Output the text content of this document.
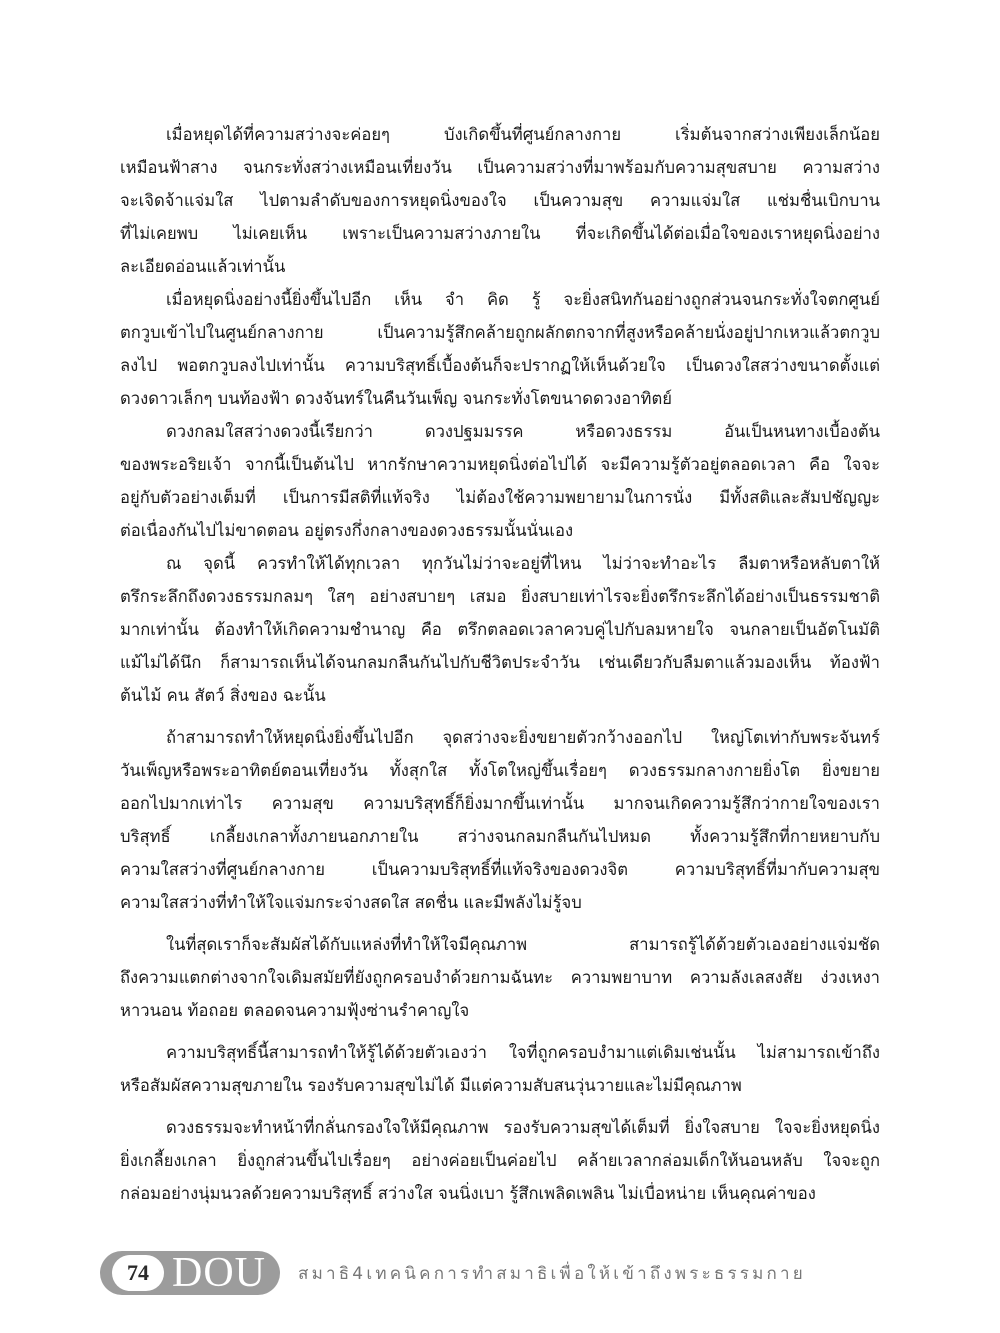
เมื่อหยุดได้ที่ความสว่างจะค่อยๆ บังเกิดขึ้นที่ศูนย์กลางกาย เริ่มต้นจากสว่างเพียงเล็กน้อย
เหมือนฟ้าสาง จนกระทั่งสว่างเหมือนเที่ยงวัน เป็นความสว่างที่มาพร้อมกับความสุขสบาย ความสว่าง
จะเจิดจ้าแจ่มใส ไปตามลำดับของการหยุดนิ่งของใจ เป็นความสุข ความแจ่มใส แช่มชื่นเบิกบาน
ที่ไม่เคยพบ ไม่เคยเห็น เพราะเป็นความสว่างภายใน ที่จะเกิดขึ้นได้ต่อเมื่อใจของเราหยุดนิ่งอย่าง
ละเอียดอ่อนแล้วเท่านั้น
เมื่อหยุดนิ่งอย่างนี้ยิ่งขึ้นไปอีก เห็น จำ คิด รู้ จะยิ่งสนิทกันอย่างถูกส่วนจนกระทั่งใจตกศูนย์
ตกวูบเข้าไปในศูนย์กลางกาย เป็นความรู้สึกคล้ายถูกผลักตกจากที่สูงหรือคล้ายนั่งอยู่ปากเหวแล้วตกวูบ
ลงไป พอตกวูบลงไปเท่านั้น ความบริสุทธิ์เบื้องต้นก็จะปรากฏให้เห็นด้วยใจ เป็นดวงใสสว่างขนาดตั้งแต่
ดวงดาวเล็กๆ บนท้องฟ้า ดวงจันทร์ในคืนวันเพ็ญ จนกระทั่งโตขนาดดวงอาทิตย์
ดวงกลมใสสว่างดวงนี้เรียกว่า ดวงปฐมมรรค หรือดวงธรรม อันเป็นหนทางเบื้องต้น
ของพระอริยเจ้า จากนี้เป็นต้นไป หากรักษาความหยุดนิ่งต่อไปได้ จะมีความรู้ตัวอยู่ตลอดเวลา คือ ใจจะ
อยู่กับตัวอย่างเต็มที่ เป็นการมีสติที่แท้จริง ไม่ต้องใช้ความพยายามในการนั่ง มีทั้งสติและสัมปชัญญะ
ต่อเนื่องกันไปไม่ขาดตอน อยู่ตรงกึ่งกลางของดวงธรรมนั้นนั่นเอง
ณ จุดนี้ ควรทำให้ได้ทุกเวลา ทุกวันไม่ว่าจะอยู่ที่ไหน ไม่ว่าจะทำอะไร ลืมตาหรือหลับตาให้
ตรึกระลึกถึงดวงธรรมกลมๆ ใสๆ อย่างสบายๆ เสมอ ยิ่งสบายเท่าไรจะยิ่งตรึกระลึกได้อย่างเป็นธรรมชาติ
มากเท่านั้น ต้องทำให้เกิดความชำนาญ คือ ตรึกตลอดเวลาควบคู่ไปกับลมหายใจ จนกลายเป็นอัตโนมัติ
แม้ไม่ได้นึก ก็สามารถเห็นได้จนกลมกลืนกันไปกับชีวิตประจำวัน เช่นเดียวกับลืมตาแล้วมองเห็น ท้องฟ้า
ต้นไม้ คน สัตว์ สิ่งของ ฉะนั้น
ถ้าสามารถทำให้หยุดนิ่งยิ่งขึ้นไปอีก จุดสว่างจะยิ่งขยายตัวกว้างออกไป ใหญ่โตเท่ากับพระจันทร์
วันเพ็ญหรือพระอาทิตย์ตอนเที่ยงวัน ทั้งสุกใส ทั้งโตใหญ่ขึ้นเรื่อยๆ ดวงธรรมกลางกายยิ่งโต ยิ่งขยาย
ออกไปมากเท่าไร ความสุข ความบริสุทธิ์ก็ยิ่งมากขึ้นเท่านั้น มากจนเกิดความรู้สึกว่ากายใจของเรา
บริสุทธิ์ เกลี้ยงเกลาทั้งภายนอกภายใน สว่างจนกลมกลืนกันไปหมด ทั้งความรู้สึกที่กายหยาบกับ
ความใสสว่างที่ศูนย์กลางกาย เป็นความบริสุทธิ์ที่แท้จริงของดวงจิต ความบริสุทธิ์ที่มากับความสุข
ความใสสว่างที่ทำให้ใจแจ่มกระจ่างสดใส สดชื่น และมีพลังไม่รู้จบ
ในที่สุดเราก็จะสัมผัสได้กับแหล่งที่ทำให้ใจมีคุณภาพ สามารถรู้ได้ด้วยตัวเองอย่างแจ่มชัด
ถึงความแตกต่างจากใจเดิมสมัยที่ยังถูกครอบงำด้วยกามฉันทะ ความพยาบาท ความลังเลสงสัย ง่วงเหงา
หาวนอน ท้อถอย ตลอดจนความฟุ้งซ่านรำคาญใจ
ความบริสุทธิ์นี้สามารถทำให้รู้ได้ด้วยตัวเองว่า ใจที่ถูกครอบงำมาแต่เดิมเช่นนั้น ไม่สามารถเข้าถึง
หรือสัมผัสความสุขภายใน รองรับความสุขไม่ได้ มีแต่ความสับสนวุ่นวายและไม่มีคุณภาพ
ดวงธรรมจะทำหน้าที่กลั่นกรองใจให้มีคุณภาพ รองรับความสุขได้เต็มที่ ยิ่งใจสบาย ใจจะยิ่งหยุดนิ่ง
ยิ่งเกลี้ยงเกลา ยิ่งถูกส่วนขึ้นไปเรื่อยๆ อย่างค่อยเป็นค่อยไป คล้ายเวลากล่อมเด็กให้นอนหลับ ใจจะถูก
กล่อมอย่างนุ่มนวลด้วยความบริสุทธิ์ สว่างใส จนนิ่งเบา รู้สึกเพลิดเพลิน ไม่เบื่อหน่าย เห็นคุณค่าของ
74 DOU สมาธิ4เทคนิคการทำสมาธิเพื่อให้เข้าถึงพระธรรมกาย
